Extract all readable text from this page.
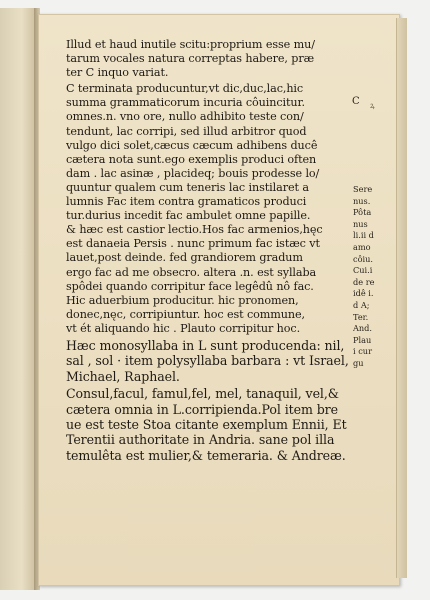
C ꝝ
Illud et haud inutile scitu:proprium esse mu/
tarum vocales natura correptas habere, præ
ter C inquo variat.
C terminata producuntur,vt dic,duc,lac,hic
summa grammaticorum incuria côuincitur.
omnes.n. vno ore, nullo adhibito teste con/
tendunt, lac corripi, sed illud arbitror quod
vulgo dici solet,cæcus cæcum adhibens ducê
cætera nota sunt.ego exemplis produci often
dam . lac asinæ , placideq; bouis prodesse lo/
quuntur qualem cum teneris lac instilaret a
lumnis Fac item contra gramaticos produci
tur.durius incedit fac ambulet omne papille.
& hæc est castior lectio.Hos fac armenios,hęc
est danaeia Persis . nunc primum fac istæc vt
lauet,post deinde. fed grandiorem gradum
ergo fac ad me obsecro. altera .n. est syllaba
spôdei quando corripitur face legêdû nô fac.
Hic aduerbium producitur. hic pronomen,
donec,nęc, corripiuntur. hoc est commune,
vt ét aliquando hic . Plauto corripitur hoc.
Hæc monosyllaba in L sunt producenda: nil,
sal , sol · item polysyllaba barbara : vt Israel,
Michael, Raphael.
Consul,facul, famul,fel, mel, tanaquil, vel,&
cætera omnia in L.corripienda.Pol item bre
ue est teste Stoa citante exemplum Ennii, Et
Terentii authoritate in Andria. sane pol illa
temulêta est mulier,& temeraria. & Andreæ.
Sere
nus.
Pôta
nus
li.ii d
amo
côiu.
Cui.i
de re
idê i.
d A;
Ter.
And.
Plau
i cur
gu
